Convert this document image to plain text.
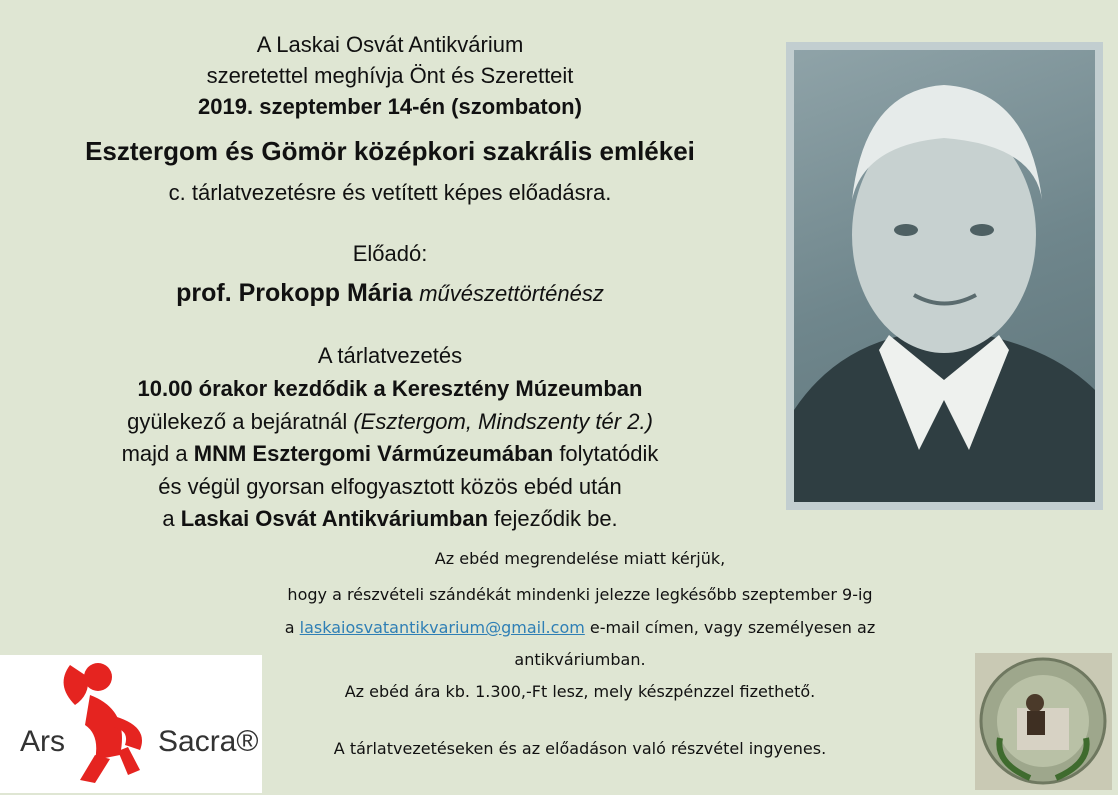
A Laskai Osvát Antikvárium
szeretettel meghívja Önt és Szeretteit
2019. szeptember 14-én (szombaton)
Esztergom és Gömör középkori szakrális emlékei
c. tárlatvezetésre és vetített képes előadásra.
Előadó:
prof. Prokopp Mária művészettörténész
A tárlatvezetés
10.00 órakor kezdődik a Keresztény Múzeumban
gyülekező a bejáratnál (Esztergom, Mindszenty tér 2.)
majd a MNM Esztergomi Vármúzeumában folytatódik
és végül gyorsan elfogyasztott közös ebéd után
a Laskai Osvát Antikváriumban fejeződik be.
Az ebéd megrendelése miatt kérjük,
hogy a részvételi szándékát mindenki jelezze legkésőbb szeptember 9-ig
a laskaiosvatantikvarium@gmail.com e-mail címen, vagy személyesen az
antikváriumban.
Az ebéd ára kb. 1.300,-Ft lesz, mely készpénzzel fizethető.
A tárlatvezetéseken és az előadáson való részvétel ingyenes.
Ars	Sacra®
